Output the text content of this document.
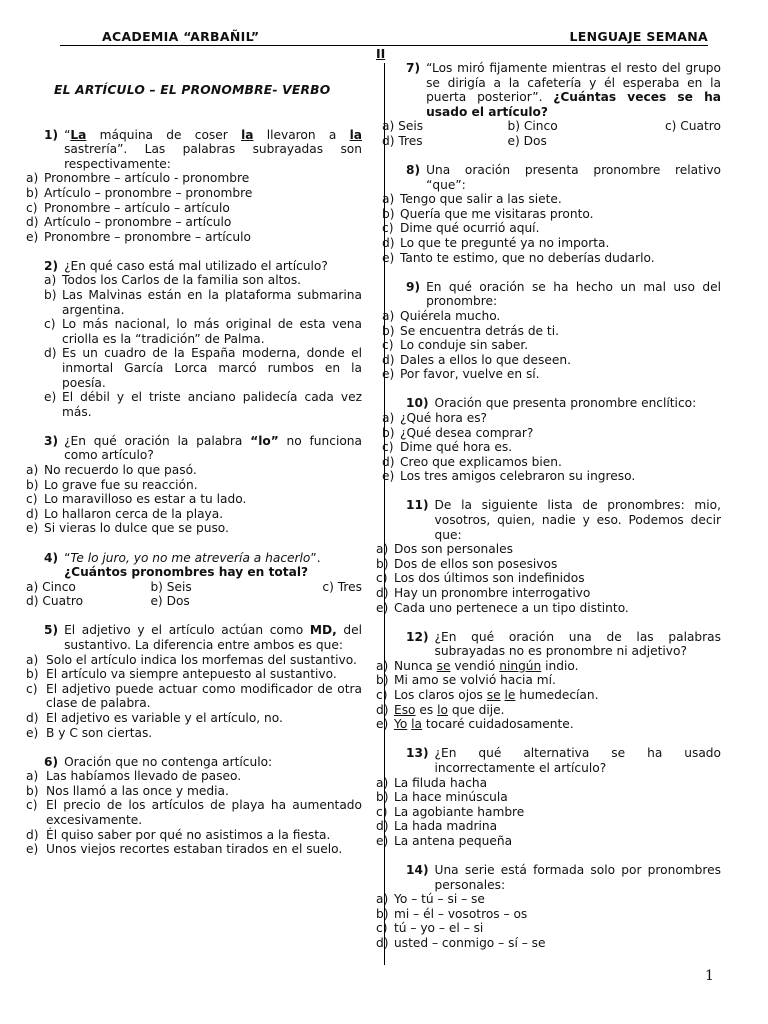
ACADEMIA “ARBAÑIL”	LENGUAJE SEMANA
II
EL ARTÍCULO – EL PRONOMBRE- VERBO
1) “La máquina de coser la llevaron a la sastrería”. Las palabras subrayadas son respectivamente:
a) Pronombre – artículo - pronombre
b) Artículo – pronombre – pronombre
c) Pronombre – artículo – artículo
d) Artículo – pronombre – artículo
e) Pronombre – pronombre – artículo
2) ¿En qué caso está mal utilizado el artículo?
a) Todos los Carlos de la familia son altos.
b) Las Malvinas están en la plataforma submarina argentina.
c) Lo más nacional, lo más original de esta vena criolla es la “tradición” de Palma.
d) Es un cuadro de la España moderna, donde el inmortal García Lorca marcó rumbos en la poesía.
e) El débil y el triste anciano palidecía cada vez más.
3) ¿En qué oración la palabra “lo” no funciona como artículo?
a) No recuerdo lo que pasó.
b) Lo grave fue su reacción.
c) Lo maravilloso es estar a tu lado.
d) Lo hallaron cerca de la playa.
e) Si vieras lo dulce que se puso.
4) “Te lo juro, yo no me atrevería a hacerlo”.
¿Cuántos pronombres hay en total?
a) Cinco	b) Seis	c) Tres
d) Cuatro	e) Dos
5) El adjetivo y el artículo actúan como MD, del sustantivo. La diferencia entre ambos es que:
a) Solo el artículo indica los morfemas del sustantivo.
b) El artículo va siempre antepuesto al sustantivo.
c) El adjetivo puede actuar como modificador de otra clase de palabra.
d) El adjetivo es variable y el artículo, no.
e) B y C son ciertas.
6) Oración que no contenga artículo:
a) Las habíamos llevado de paseo.
b) Nos llamó a las once y media.
c) El precio de los artículos de playa ha aumentado excesivamente.
d) Él quiso saber por qué no asistimos a la fiesta.
e) Unos viejos recortes estaban tirados en el suelo.
7) “Los miró fijamente mientras el resto del grupo se dirigía a la cafetería y él esperaba en la puerta posterior”. ¿Cuántas veces se ha usado el artículo?
a) Seis	b) Cinco	c) Cuatro
d) Tres	e) Dos
8) Una oración presenta pronombre relativo “que”:
a) Tengo que salir a las siete.
b) Quería que me visitaras pronto.
c) Dime qué ocurrió aquí.
d) Lo que te pregunté ya no importa.
e) Tanto te estimo, que no deberías dudarlo.
9) En qué oración se ha hecho un mal uso del pronombre:
a) Quiérela mucho.
b) Se encuentra detrás de ti.
c) Lo conduje sin saber.
d) Dales a ellos lo que deseen.
e) Por favor, vuelve en sí.
10) Oración que presenta pronombre enclítico:
a) ¿Qué hora es?
b) ¿Qué desea comprar?
c) Dime qué hora es.
d) Creo que explicamos bien.
e) Los tres amigos celebraron su ingreso.
11) De la siguiente lista de pronombres: mio, vosotros, quien, nadie y eso. Podemos decir que:
a) Dos son personales
b) Dos de ellos son posesivos
c) Los dos últimos son indefinidos
d) Hay un pronombre interrogativo
e) Cada uno pertenece a un tipo distinto.
12) ¿En qué oración una de las palabras subrayadas no es pronombre ni adjetivo?
a) Nunca se vendió ningún indio.
b) Mi amo se volvió hacia mí.
c) Los claros ojos se le humedecían.
d) Eso es lo que dije.
e) Yo la tocaré cuidadosamente.
13) ¿En qué alternativa se ha usado incorrectamente el artículo?
a) La filuda hacha
b) La hace minúscula
c) La agobiante hambre
d) La hada madrina
e) La antena pequeña
14) Una serie está formada solo por pronombres personales:
a) Yo – tú – si – se
b) mi – él – vosotros – os
c) tú – yo – el – si
d) usted – conmigo – sí – se
1
